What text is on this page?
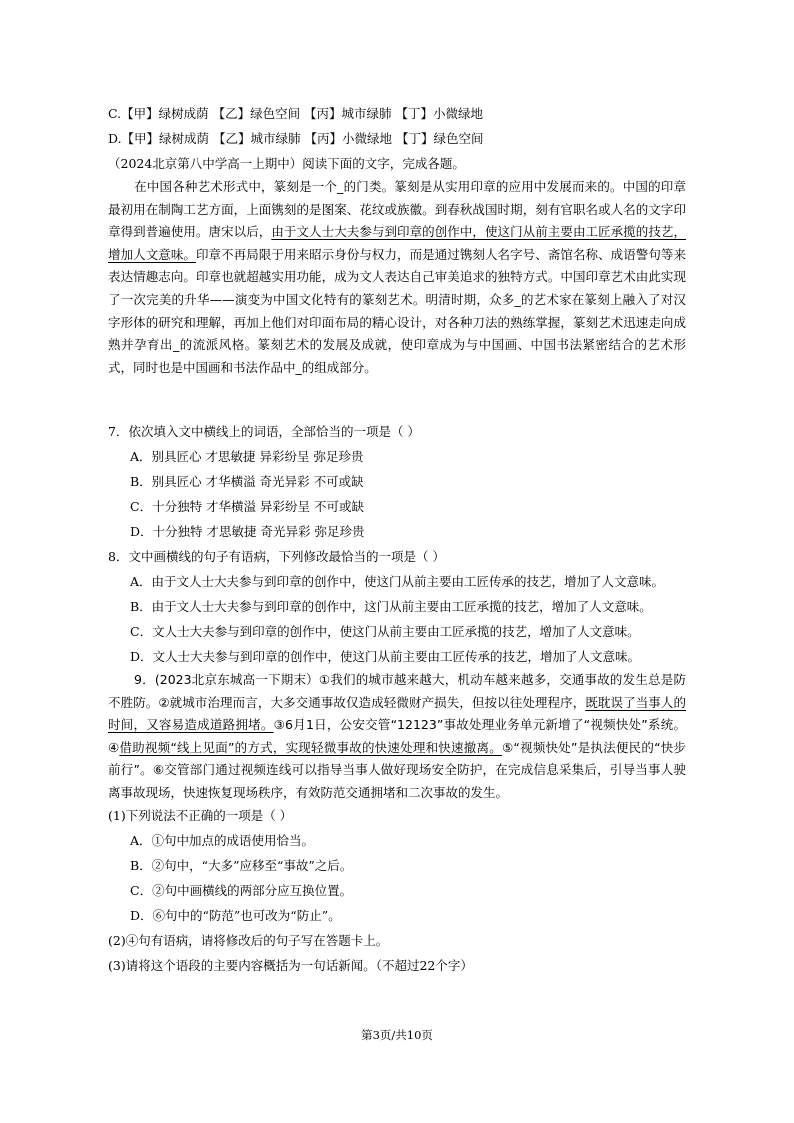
C.【甲】绿树成荫 【乙】绿色空间 【丙】城市绿肺 【丁】小微绿地
D.【甲】绿树成荫 【乙】城市绿肺 【丙】小微绿地 【丁】绿色空间
（2024北京第八中学高一上期中）阅读下面的文字，完成各题。
在中国各种艺术形式中，篆刻是一个_的门类。篆刻是从实用印章的应用中发展而来的。中国的印章最初用在制陶工艺方面，上面镌刻的是图案、花纹或族徽。到春秋战国时期，刻有官职名或人名的文字印章得到普遍使用。唐宋以后，由于文人士大夫参与到印章的创作中，使这门从前主要由工匠承揽的技艺，增加人文意味。印章不再局限于用来昭示身份与权力，而是通过镌刻人名字号、斋馆名称、成语警句等来表达情趣志向。印章也就超越实用功能，成为文人表达自己审美追求的独特方式。中国印章艺术由此实现了一次完美的升华——演变为中国文化特有的篆刻艺术。明清时期，众多_的艺术家在篆刻上融入了对汉字形体的研究和理解，再加上他们对印面布局的精心设计，对各种刀法的熟练掌握，篆刻艺术迅速走向成熟并孕育出_的流派风格。篆刻艺术的发展及成就，使印章成为与中国画、中国书法紧密结合的艺术形式，同时也是中国画和书法作品中_的组成部分。
7．依次填入文中横线上的词语，全部恰当的一项是（ ）
A．别具匠心 才思敏捷 异彩纷呈 弥足珍贵
B．别具匠心 才华横溢 奇光异彩 不可或缺
C．十分独特 才华横溢 异彩纷呈 不可或缺
D．十分独特 才思敏捷 奇光异彩 弥足珍贵
8．文中画横线的句子有语病，下列修改最恰当的一项是（ ）
A．由于文人士大夫参与到印章的创作中，使这门从前主要由工匠传承的技艺，增加了人文意味。
B．由于文人士大夫参与到印章的创作中，这门从前主要由工匠承揽的技艺，增加了人文意味。
C．文人士大夫参与到印章的创作中，使这门从前主要由工匠承揽的技艺，增加了人文意味。
D．文人士大夫参与到印章的创作中，使这门从前主要由工匠传承的技艺，增加了人文意味。
9．(2023北京东城高一下期末）①我们的城市越来越大，机动车越来越多，交通事故的发生总是防不胜防。②就城市治理而言，大多交通事故仅造成轻微财产损失，但按以往处理程序，既耽误了当事人的时间，又容易造成道路拥堵。③6月1日，公安交管“12123”事故处理业务单元新增了“视频快处”系统。④借助视频“线上见面”的方式，实现轻微事故的快速处理和快速撤离。⑤“视频快处”是执法便民的“快步前行”。⑥交管部门通过视频连线可以指导当事人做好现场安全防护，在完成信息采集后，引导当事人驶离事故现场，快速恢复现场秩序，有效防范交通拥堵和二次事故的发生。
(1)下列说法不正确的一项是（ ）
A．①句中加点的成语使用恰当。
B．②句中，“大多”应移至“事故”之后。
C．②句中画横线的两部分应互换位置。
D．⑥句中的“防范”也可改为“防止”。
(2)④句有语病，请将修改后的句子写在答题卡上。
(3)请将这个语段的主要内容概括为一句话新闻。（不超过22个字）
第3页/共10页
